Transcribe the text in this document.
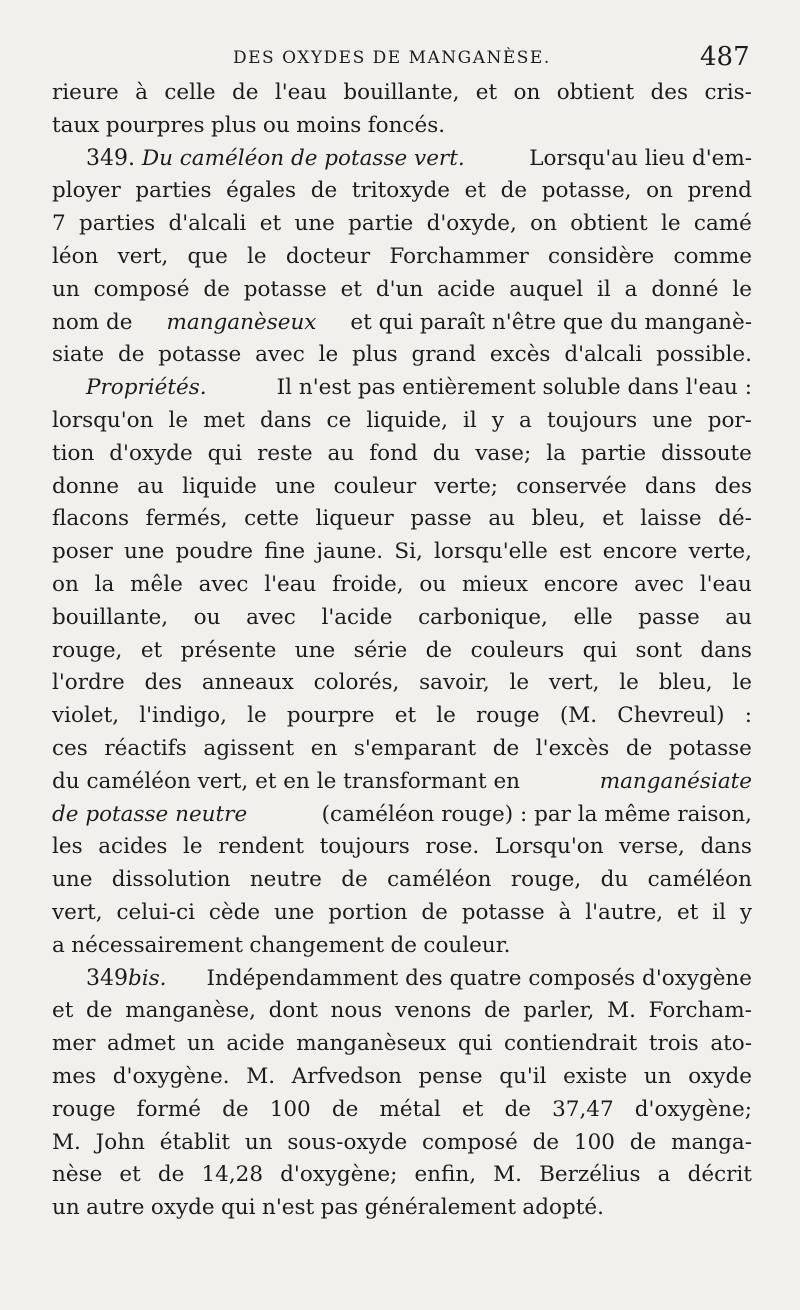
DES OXYDES DE MANGANÈSE.	487
rieure à celle de l'eau bouillante, et on obtient des cris-
taux pourpres plus ou moins foncés.
349. Du caméléon de potasse vert.	Lorsqu'au lieu d'em-
ployer parties égales de tritoxyde et de potasse, on prend
7 parties d'alcali et une partie d'oxyde, on obtient le camé
léon vert, que le docteur Forchammer considère comme
un composé de potasse et d'un acide auquel il a donné le
nom de manganèseux et qui paraît n'être que du manganè-
siate de potasse avec le plus grand excès d'alcali possible.
Propriétés.	Il n'est pas entièrement soluble dans l'eau :
lorsqu'on le met dans ce liquide, il y a toujours une por-
tion d'oxyde qui reste au fond du vase; la partie dissoute
donne au liquide une couleur verte; conservée dans des
flacons fermés, cette liqueur passe au bleu, et laisse dé-
poser une poudre fine jaune. Si, lorsqu'elle est encore verte,
on la mêle avec l'eau froide, ou mieux encore avec l'eau
bouillante, ou avec l'acide carbonique, elle passe au
rouge, et présente une série de couleurs qui sont dans
l'ordre des anneaux colorés, savoir, le vert, le bleu, le
violet, l'indigo, le pourpre et le rouge (M. Chevreul) :
ces réactifs agissent en s'emparant de l'excès de potasse
du caméléon vert, et en le transformant en	manganésiate
de potasse neutre	(caméléon rouge) : par la même raison,
les acides le rendent toujours rose. Lorsqu'on verse, dans
une dissolution neutre de caméléon rouge, du caméléon
vert, celui-ci cède une portion de potasse à l'autre, et il y
a nécessairement changement de couleur.
349bis. Indépendamment des quatre composés d'oxygène
et de manganèse, dont nous venons de parler, M. Forcham-
mer admet un acide manganèseux qui contiendrait trois ato-
mes d'oxygène. M. Arfvedson pense qu'il existe un oxyde
rouge formé de 100 de métal et de 37,47 d'oxygène;
M. John établit un sous-oxyde composé de 100 de manga-
nèse et de 14,28 d'oxygène; enfin, M. Berzélius a décrit
un autre oxyde qui n'est pas généralement adopté.
